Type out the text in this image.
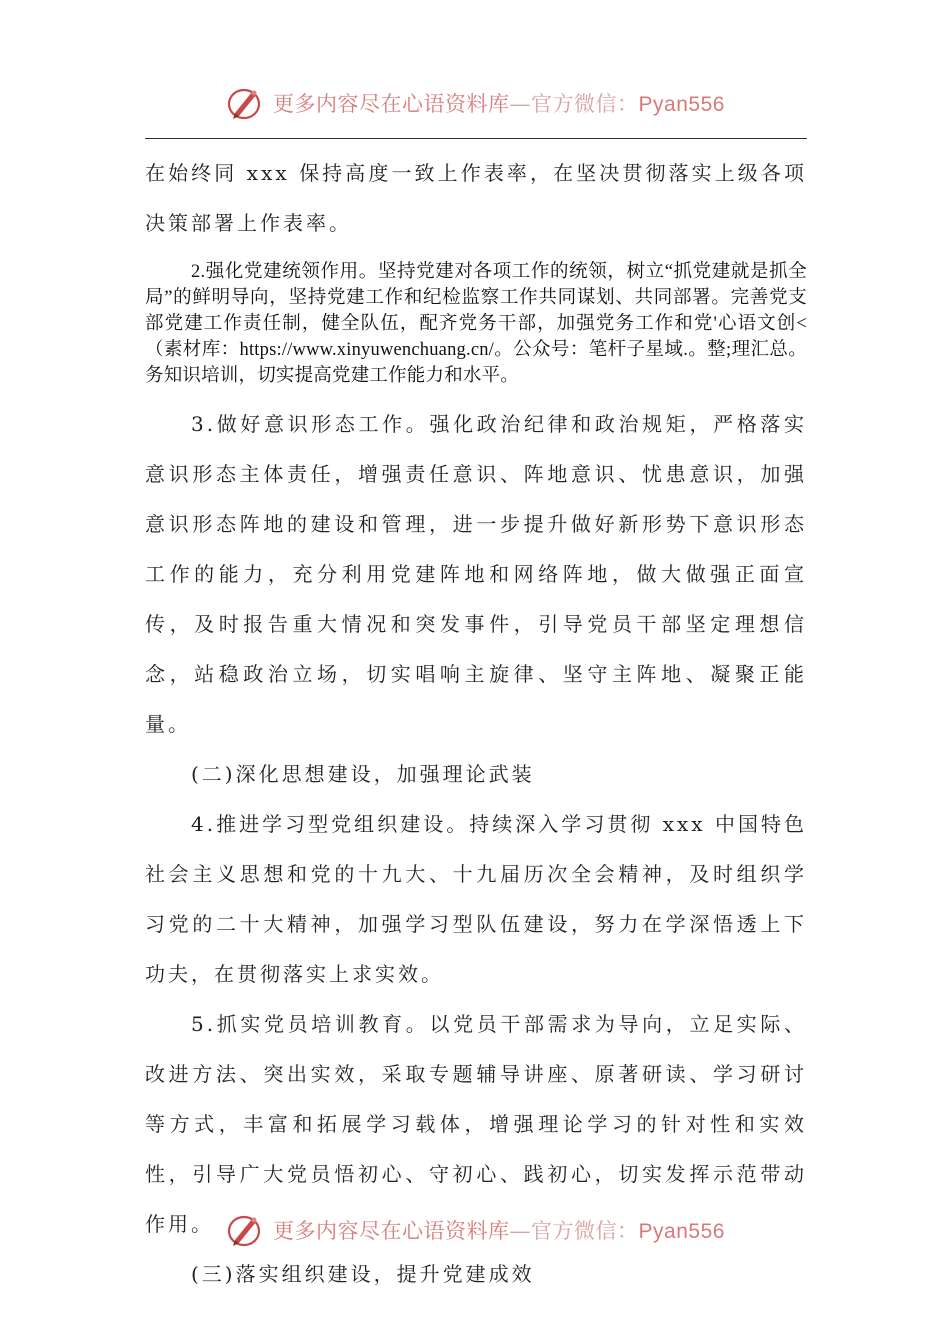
更多内容尽在心语资料库—官方微信：Pyan556

在始终同 xxx 保持高度一致上作表率，在坚决贯彻落实上级各项决策部署上作表率。

2.强化党建统领作用。坚持党建对各项工作的统领，树立“抓党建就是抓全局”的鲜明导向，坚持党建工作和纪检监察工作共同谋划、共同部署。完善党支部党建工作责任制，健全队伍，配齐党务干部，加强党务工作和党'心语文创<（素材库：https://www.xinyuwenchuang.cn/。公众号：笔杆子星域.。整;理汇总。务知识培训，切实提高党建工作能力和水平。

3.做好意识形态工作。强化政治纪律和政治规矩，严格落实意识形态主体责任，增强责任意识、阵地意识、忧患意识，加强意识形态阵地的建设和管理，进一步提升做好新形势下意识形态工作的能力，充分利用党建阵地和网络阵地，做大做强正面宣传，及时报告重大情况和突发事件，引导党员干部坚定理想信念，站稳政治立场，切实唱响主旋律、坚守主阵地、凝聚正能量。

(二)深化思想建设，加强理论武装

4.推进学习型党组织建设。持续深入学习贯彻 xxx 中国特色社会主义思想和党的十九大、十九届历次全会精神，及时组织学习党的二十大精神，加强学习型队伍建设，努力在学深悟透上下功夫，在贯彻落实上求实效。

5.抓实党员培训教育。以党员干部需求为导向，立足实际、改进方法、突出实效，采取专题辅导讲座、原著研读、学习研讨等方式，丰富和拓展学习载体，增强理论学习的针对性和实效性，引导广大党员悟初心、守初心、践初心，切实发挥示范带动作用。

(三)落实组织建设，提升党建成效

更多内容尽在心语资料库—官方微信：Pyan556
